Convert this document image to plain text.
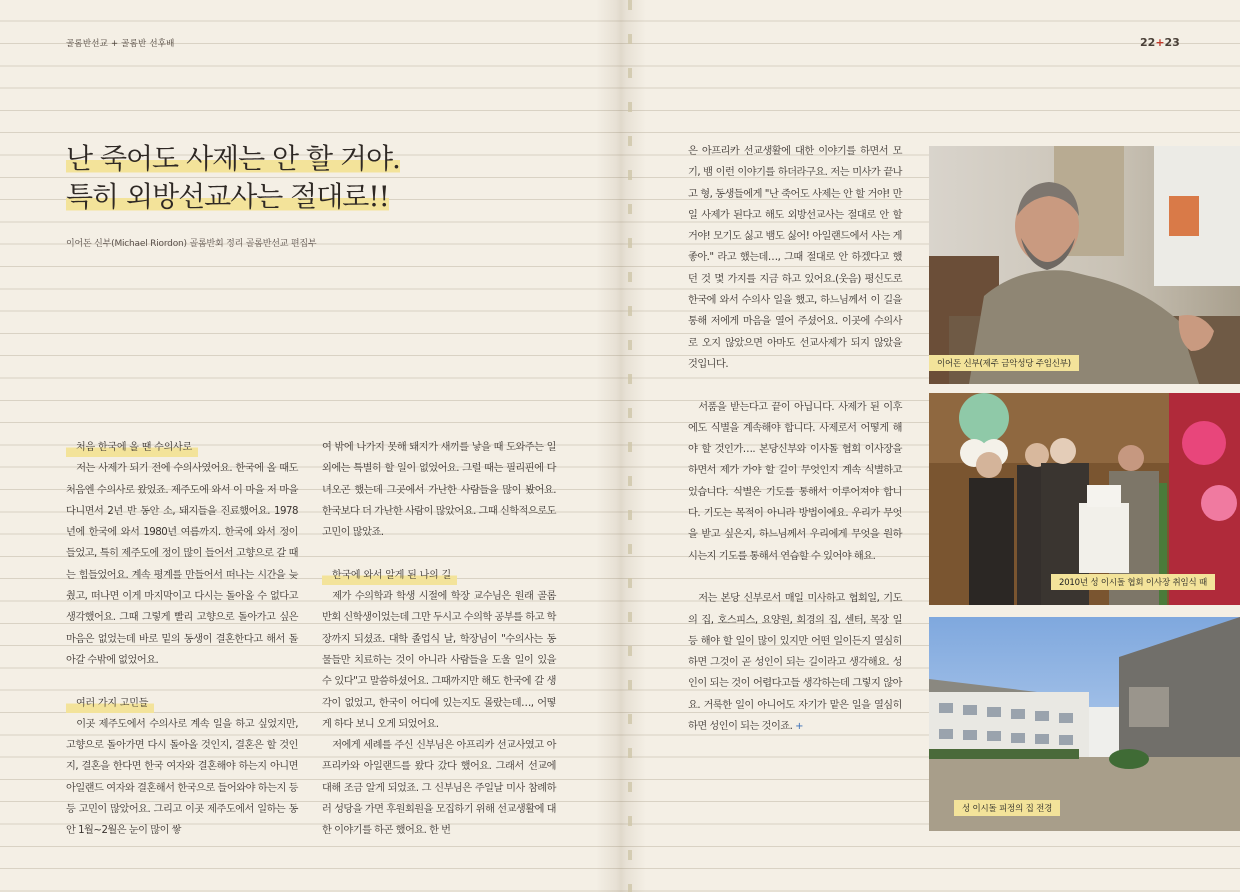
골롬반선교 + 골롬반 선후배	22+23
난 죽어도 사제는 안 할 거야.
특히 외방선교사는 절대로!!
이어돈 신부(Michael Riordon) 골롬반회 정리 골롬반선교 편집부
처음 한국에 올 땐 수의사로

저는 사제가 되기 전에 수의사였어요. 한국에 올 때도 처음엔 수의사로 왔었죠. 제주도에 와서 이 마을 저 마을 다니면서 2년 반 동안 소, 돼지들을 진료했어요. 1978년에 한국에 와서 1980년 여름까지. 한국에 와서 정이 들었고, 특히 제주도에 정이 많이 들어서 고향으로 갈 때는 힘들었어요. 계속 평계를 만들어서 떠나는 시간을 늦췄고, 떠나면 이게 마지막이고 다시는 돌아올 수 없다고 생각했어요. 그때 그렇게 빨리 고향으로 돌아가고 싶은 마음은 없었는데 바로 밑의 동생이 결혼한다고 해서 돌아갈 수밖에 없었어요.

여러 가지 고민들

이곳 제주도에서 수의사로 계속 일을 하고 싶었지만, 고향으로 돌아가면 다시 돌아올 것인지, 결혼은 할 것인지, 결혼을 한다면 한국 여자와 결혼해야 하는지 아니면 아일랜드 여자와 결혼해서 한국으로 들어와야 하는지 등등 고민이 많았어요. 그리고 이곳 제주도에서 일하는 동안 1월~2월은 눈이 많이 쌓

여 밖에 나가지 못해 돼지가 새끼를 낳을 때 도와주는 일 외에는 특별히 할 일이 없었어요. 그럴 때는 필리핀에 다녀오곤 했는데 그곳에서 가난한 사람들을 많이 봤어요. 한국보다 더 가난한 사람이 많았어요. 그때 신학적으로도 고민이 많았죠.

한국에 와서 알게 된 나의 길

제가 수의학과 학생 시절에 학장 교수님은 원래 골롬반회 신학생이었는데 그만 두시고 수의학 공부를 하고 학장까지 되셨죠. 대학 졸업식 날, 학장님이 "수의사는 동물들만 치료하는 것이 아니라 사람들을 도울 일이 있을 수 있다"고 말씀하셨어요. 그때까지만 해도 한국에 갈 생각이 없었고, 한국이 어디에 있는지도 몰랐는데…, 어떻게 하다 보니 오게 되었어요.

저에게 세례를 주신 신부님은 아프리카 선교사였고 아프리카와 아일랜드를 왔다 갔다 했어요. 그래서 선교에 대해 조금 알게 되었죠. 그 신부님은 주일날 미사 참례하러 성당을 가면 후원회원을 모집하기 위해 선교생활에 대한 이야기를 하곤 했어요. 한 번

은 아프리카 선교생활에 대한 이야기를 하면서 모기, 뱀 이런 이야기를 하더라구요. 저는 미사가 끝나고 형, 동생들에게 "난 죽어도 사제는 안 할 거야! 만일 사제가 된다고 해도 외방선교사는 절대로 안 할 거야! 모기도 싫고 뱀도 싫어! 아일랜드에서 사는 게 좋아." 라고 했는데…, 그때 절대로 안 하겠다고 했던 것 몇 가지를 지금 하고 있어요.(웃음) 평신도로 한국에 와서 수의사 일을 했고, 하느님께서 이 길을 통해 저에게 마음을 열어 주셨어요. 이곳에 수의사로 오지 않았으면 아마도 선교사제가 되지 않았을 것입니다.

서품을 받는다고 끝이 아닙니다. 사제가 된 이후에도 식별을 계속해야 합니다. 사제로서 어떻게 해야 할 것인가…. 본당신부와 이사돌 협회 이사장을 하면서 제가 가야 할 길이 무엇인지 계속 식별하고 있습니다. 식별은 기도를 통해서 이루어져야 합니다. 기도는 목적이 아니라 방법이에요. 우리가 무엇을 받고 싶은지, 하느님께서 우리에게 무엇을 원하시는지 기도를 통해서 연습할 수 있어야 해요.

저는 본당 신부로서 매일 미사하고 협회일, 기도의 집, 호스피스, 요양원, 희경의 집, 센터, 목장 일 등 해야 할 일이 많이 있지만 어떤 일이든지 열심히 하면 그것이 곧 성인이 되는 길이라고 생각해요. 성인이 되는 것이 어렵다고들 생각하는데 그렇지 않아요. 거룩한 일이 아니어도 자기가 맡은 일을 열심히 하면 성인이 되는 것이죠. +

이어돈 신부(제주 금악성당 주임신부)
2010년 성 이시돌 협회 이사장 취임식 때
성 이시돌 피정의 집 전경
